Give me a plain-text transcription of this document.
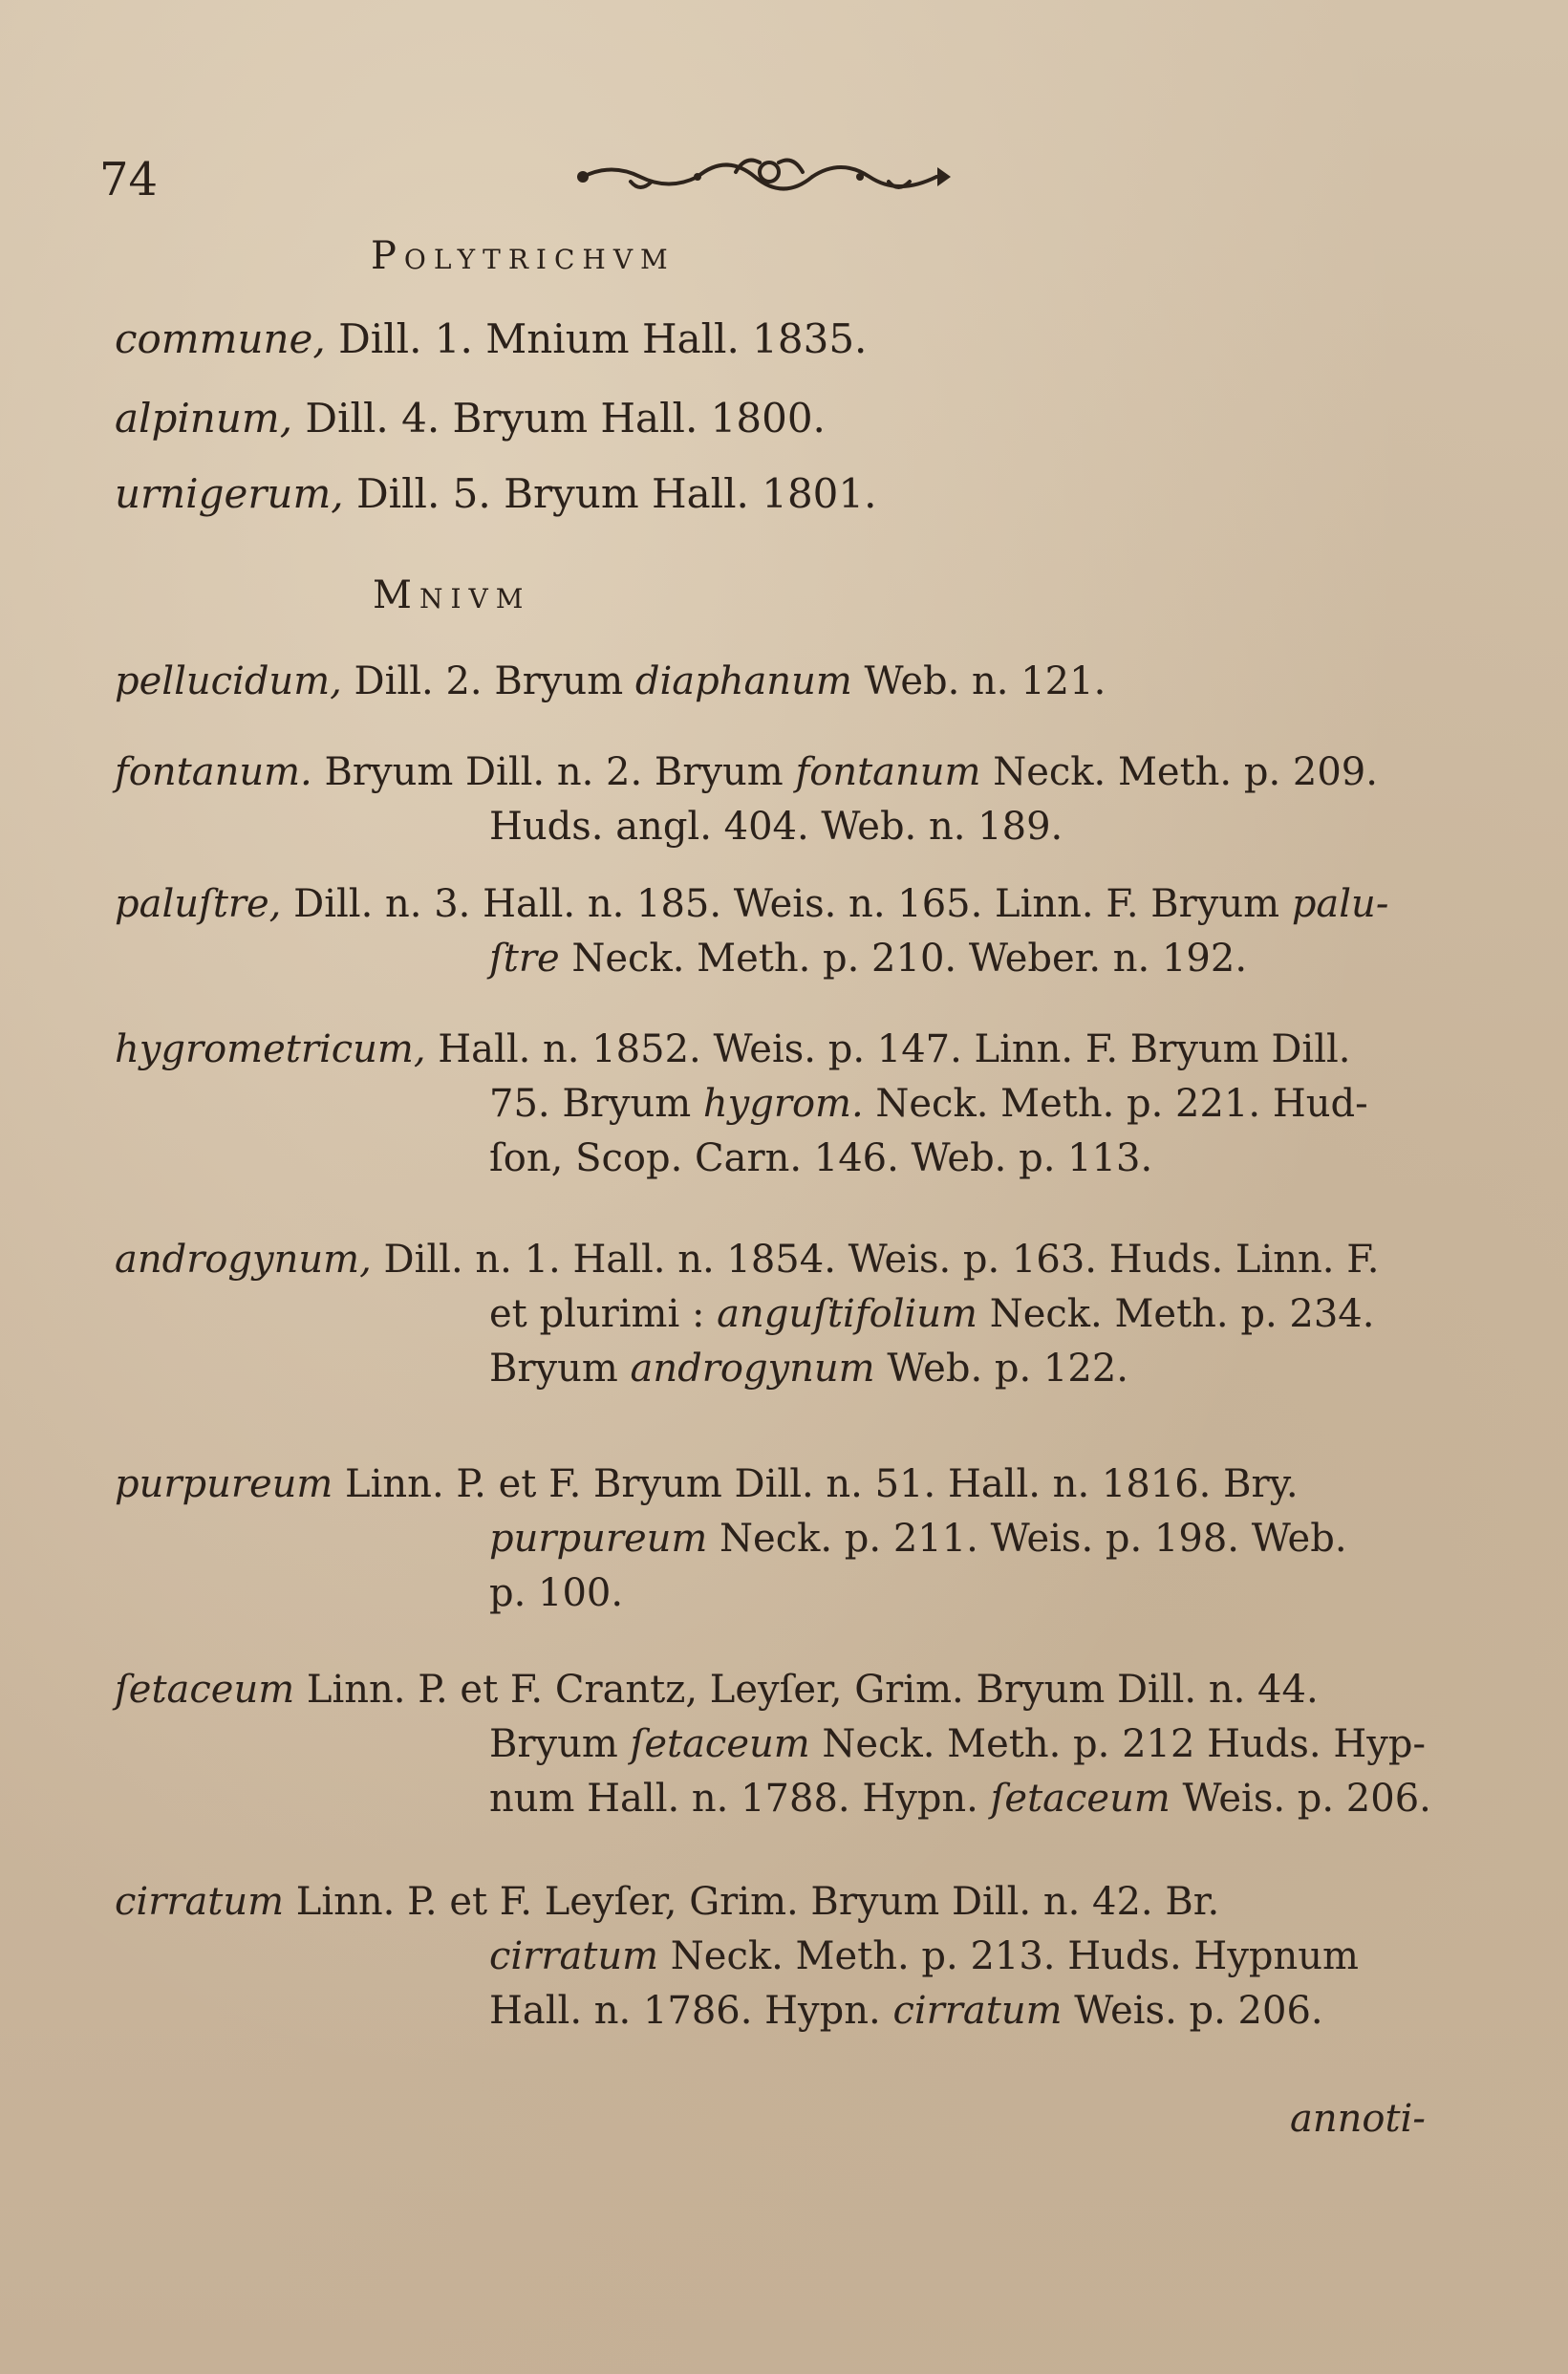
74
Polytrichvm
commune, Dill. 1. Mnium Hall. 1835.
alpinum, Dill. 4. Bryum Hall. 1800.
urnigerum, Dill. 5. Bryum Hall. 1801.
Mnivm
pellucidum, Dill. 2. Bryum diaphanum Web. n. 121.
fontanum. Bryum Dill. n. 2. Bryum fontanum Neck. Meth. p. 209.
Huds. angl. 404. Web. n. 189.
paluſtre, Dill. n. 3. Hall. n. 185. Weis. n. 165. Linn. F. Bryum palu-
ſtre Neck. Meth. p. 210. Weber. n. 192.
hygrometricum, Hall. n. 1852. Weis. p. 147. Linn. F. Bryum Dill.
75. Bryum hygrom. Neck. Meth. p. 221. Hud-
ſon, Scop. Carn. 146. Web. p. 113.
androgynum, Dill. n. 1. Hall. n. 1854. Weis. p. 163. Huds. Linn. F.
et plurimi : anguſtifolium Neck. Meth. p. 234.
Bryum androgynum Web. p. 122.
purpureum Linn. P. et F. Bryum Dill. n. 51. Hall. n. 1816. Bry.
purpureum Neck. p. 211. Weis. p. 198. Web.
p. 100.
ſetaceum Linn. P. et F. Crantz, Leyſer, Grim. Bryum Dill. n. 44.
Bryum ſetaceum Neck. Meth. p. 212 Huds. Hyp-
num Hall. n. 1788. Hypn. ſetaceum Weis. p. 206.
cirratum Linn. P. et F. Leyſer, Grim. Bryum Dill. n. 42. Br.
cirratum Neck. Meth. p. 213. Huds. Hypnum
Hall. n. 1786. Hypn. cirratum Weis. p. 206.
annoti-
